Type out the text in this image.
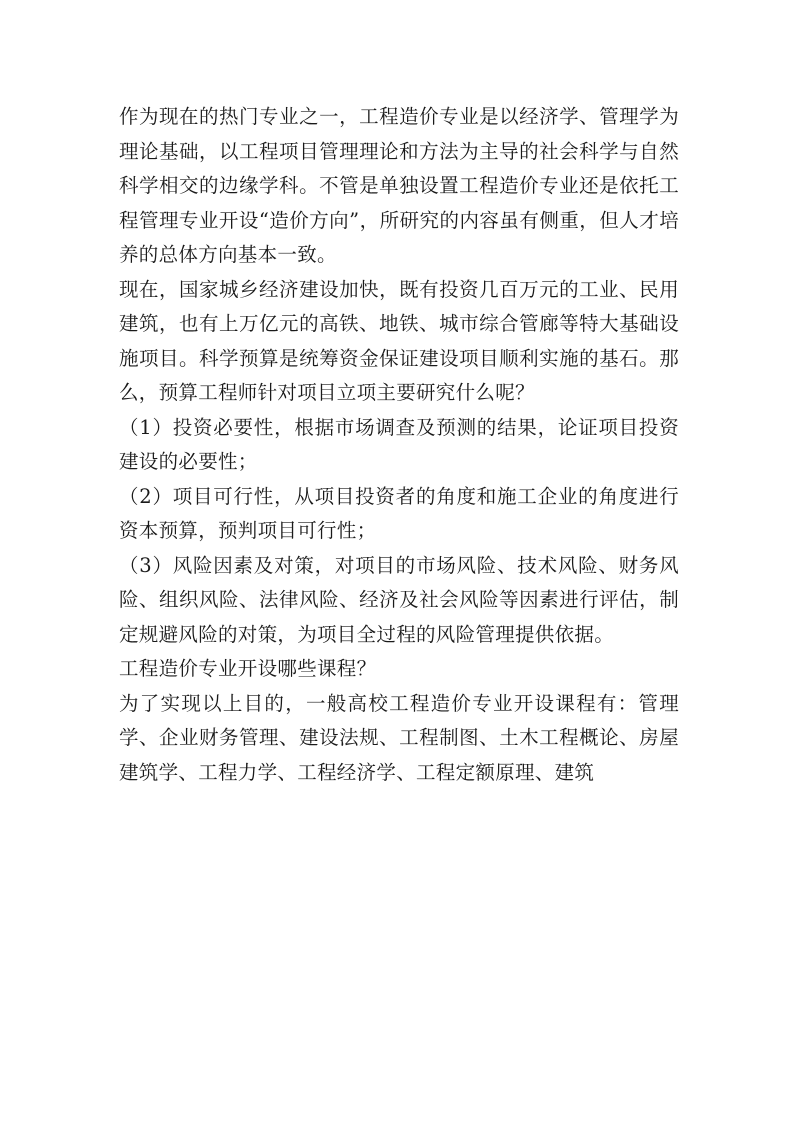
作为现在的热门专业之一，工程造价专业是以经济学、管理学为理论基础，以工程项目管理理论和方法为主导的社会科学与自然科学相交的边缘学科。不管是单独设置工程造价专业还是依托工程管理专业开设“造价方向”，所研究的内容虽有侧重，但人才培养的总体方向基本一致。

现在，国家城乡经济建设加快，既有投资几百万元的工业、民用建筑，也有上万亿元的高铁、地铁、城市综合管廊等特大基础设施项目。科学预算是统筹资金保证建设项目顺利实施的基石。那么，预算工程师针对项目立项主要研究什么呢？

（1）投资必要性，根据市场调查及预测的结果，论证项目投资建设的必要性；

（2）项目可行性，从项目投资者的角度和施工企业的角度进行资本预算，预判项目可行性；

（3）风险因素及对策，对项目的市场风险、技术风险、财务风险、组织风险、法律风险、经济及社会风险等因素进行评估，制定规避风险的对策，为项目全过程的风险管理提供依据。

工程造价专业开设哪些课程？

为了实现以上目的，一般高校工程造价专业开设课程有：管理学、企业财务管理、建设法规、工程制图、土木工程概论、房屋建筑学、工程力学、工程经济学、工程定额原理、建筑
